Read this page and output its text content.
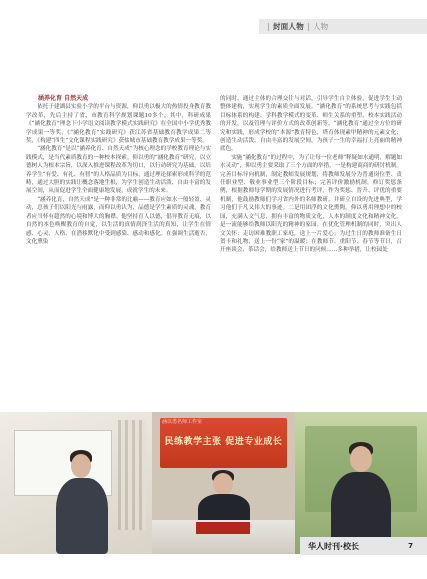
| 封面人物 | 人物

涵养化育 自然天成

依托于建湖县实验小学的平台与资源，仰以勇以极大的热情投身教育教学改革，先后主持了省、市教育科学规划课题10多个。其中，科研成果《“涵化教育”理念下小学语文阅读教学模式实践研究》在全国中小学优秀教学成果一等奖，《“涵化教育”实践研究》获江苏省基础教育教学成果二等奖，《构建“四生”文化课程实践研究》获盐城市基础教育教学成果一等奖。

“涵化教育”是以“涵养化育、自然天成”为核心理念的学校教育理论与实践模式，是当代素质教育的一种校本探索。仰以勇的“涵化教育”研究，以立德树人为根本宗旨，以深入推进课程改革为切口，以行动研究为基础，以培养学生“有爱、有礼、有智”的人格品质为目标，通过理论探索形成科学的范畴，通过大胆的实践让概念落地生根，为学生创造生动活泼、自由丰富的发展空间，从而促进学生全面健康地发展，成就学生的未来。

“涵养化育，自然天成”是一种非常的比喻——教育应如水一般轻盈、灵动，总孩子们以阳光与雨露，而仰以勇认为，品德是学生素质的灵魂，教育者应当怀有超然的心境和博大的胸襟。他坚持育人以德，倡导教育无痕，以自然的本色唤醒教育的自觉，以生活的真情润泽生活的真知，让学生在情感、心灵、人格、在潜移默化中受到感染、感动和感化。在强调生活逝否，文化熏染

的同时，通过主体的合理交往与对话，引导学生自主体验，促进学生主动整体建构，实现学生的素质全面发展。“涵化教育”的系统思考与实践包括目标体系的构建、学科教学模式的变革、师生关系的重塑、校本实践活动的开发，以及管理与评价方式的改革创新等。“涵化教育”通过全方位的研究和实践，形成学校的“本源”教育特色，塔育体现素甲精神的元素文化；创造生动活泼、自由丰富的发展空间，为孩子一生的幸福打上亮丽的精神底色。

实施“涵化教育”的过程中，为了让每一位老师“释疑如水通明，解题如水灵动”，仰以勇主要采取了三个方面的举措。一是构建商商的研讨机制。完善目标导向机制，制定教师发展规划，将教师发展分为普通岗位型、责任职业型、敬业事业型三个阶段目标；完善评价激励机制，修订奖惩条例，根据教师每学期的发展情况进行考评，作为奖惩、晋升、评优的重要机制，他鼓励教师们学习省内外的名师教研，并研立自设的先进典型，学习他们于凡又伟大的事迹。二是用团浮的文化熏陶。仰以勇用理想中的校园，充满人文气息，拥有丰富的物质文化，人本的制度文化和精神文化。是一流能够给教师以阳光的精神的家园。在优化管理机制的同时，突出人文关怀：走访困难教职工家庭，送上一片爱心；为过生日的教师准备生日贺卡和礼物，送上一份“家”的温暖；在教师节、重阳节、春节等节日，召开座谈会、茶话会，给教师送上节日的问候……多种举措，让校园处

涵以勇名师工作室
民练教学主张 促进专业成长
华人时刊·校长	7
